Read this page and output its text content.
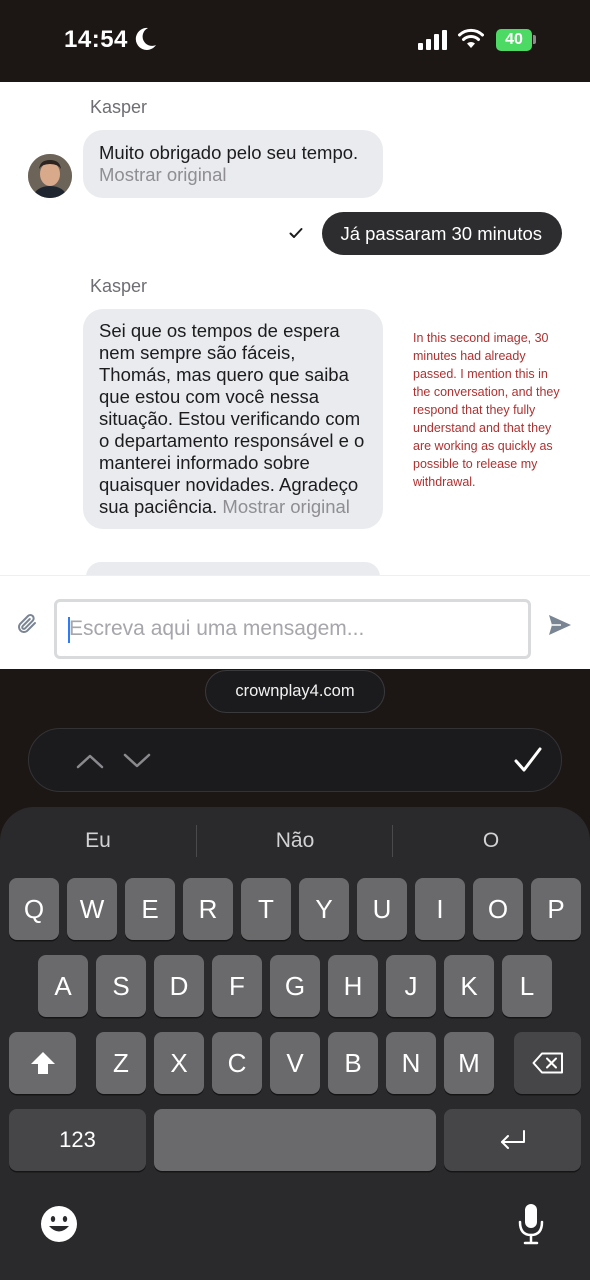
14:54	40
Kasper
Muito obrigado pelo seu tempo. Mostrar original
Já passaram 30 minutos
Kasper
Sei que os tempos de espera nem sempre são fáceis, Thomás, mas quero que saiba que estou com você nessa situação. Estou verificando com o departamento responsável e o manterei informado sobre quaisquer novidades. Agradeço sua paciência. Mostrar original
In this second image, 30 minutes had already passed. I mention this in the conversation, and they respond that they fully understand and that they are working as quickly as possible to release my withdrawal.
Escreva aqui uma mensagem...
crownplay4.com
Eu	Não	O
Q	W	E	R	T	Y	U	I	O	P
A	S	D	F	G	H	J	K	L
Z	X	C	V	B	N	M
123
